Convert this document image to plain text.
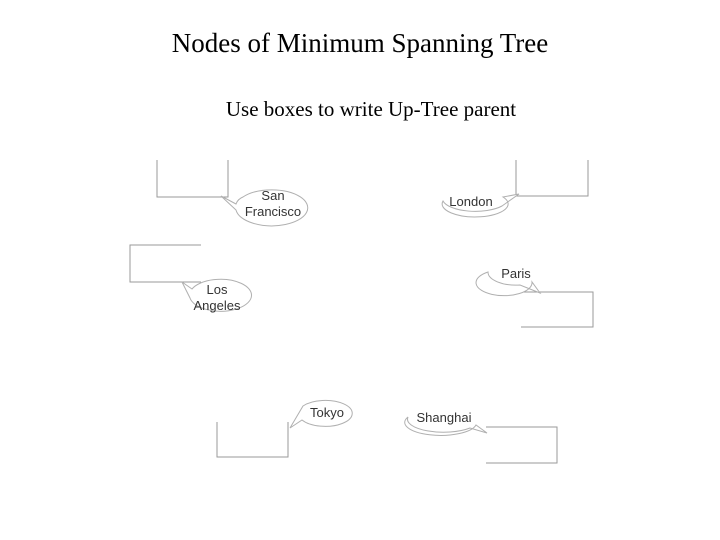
Nodes of Minimum Spanning Tree
Use boxes to write Up-Tree parent
San Francisco
London
Los Angeles
Paris
Tokyo	Shanghai
